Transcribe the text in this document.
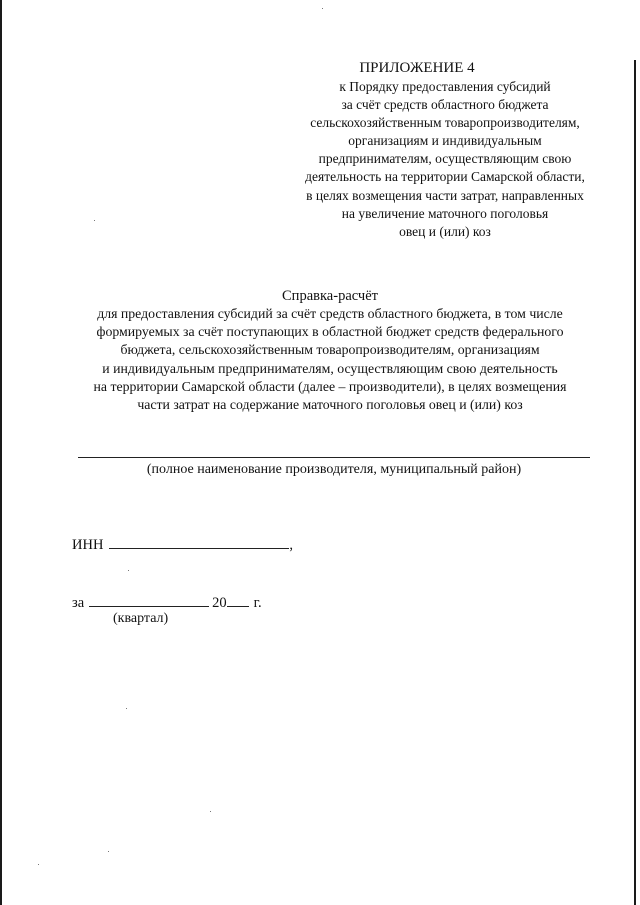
ПРИЛОЖЕНИЕ 4
к Порядку предоставления субсидий
за счёт средств областного бюджета
сельскохозяйственным товаропроизводителям,
организациям и индивидуальным
предпринимателям, осуществляющим свою
деятельность на территории Самарской области,
в целях возмещения части затрат, направленных
на увеличение маточного поголовья
овец и (или) коз
Справка-расчёт
для предоставления субсидий за счёт средств областного бюджета, в том числе
формируемых за счёт поступающих в областной бюджет средств федерального
бюджета, сельскохозяйственным товаропроизводителям, организациям
и индивидуальным предпринимателям, осуществляющим свою деятельность
на территории Самарской области (далее – производители), в целях возмещения
части затрат на содержание маточного поголовья овец и (или) коз
(полное наименование производителя, муниципальный район)
ИНН	,
за	20 г.
(квартал)
